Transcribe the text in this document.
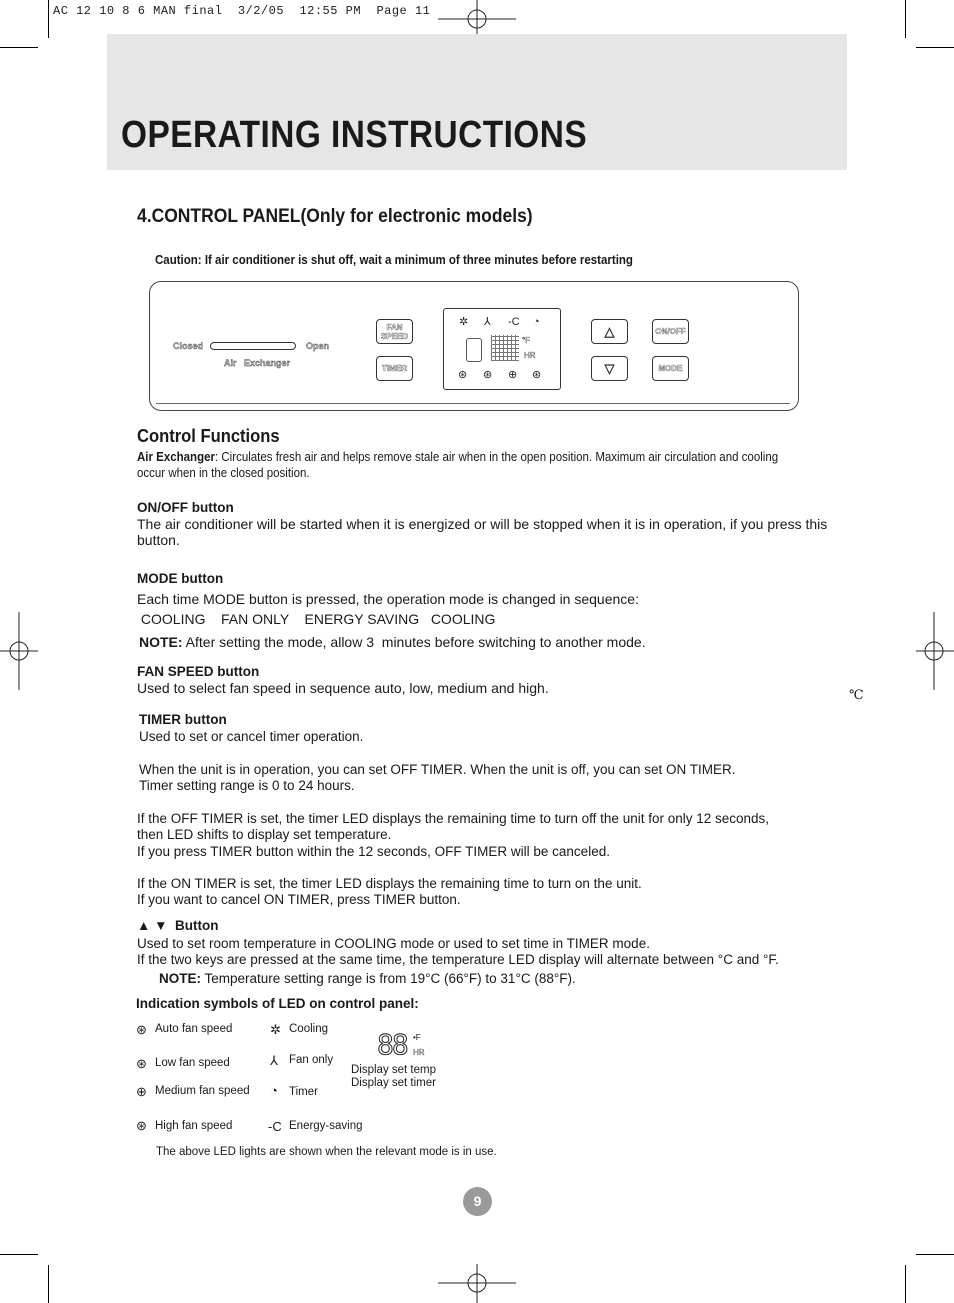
AC 12 10 8 6 MAN final  3/2/05  12:55 PM  Page 11
OPERATING INSTRUCTIONS
4.CONTROL PANEL(Only for electronic models)
Caution: If air conditioner is shut off, wait a minimum of three minutes before restarting
Closed	Open
Air   Exchanger
FAN
SPEED
TIMER
✲ ⅄ -C ◔
°F
HR
⊛ ⊛ ⊕ ⊛
△
▽
ON/OFF
MODE
Control Functions
Air Exchanger: Circulates fresh air and helps remove stale air when in the open position. Maximum air circulation and cooling occur when in the closed position.
ON/OFF button
The air conditioner will be started when it is energized or will be stopped when it is in operation, if you press this button.
MODE button
Each time MODE button is pressed, the operation mode is changed in sequence:
COOLING    FAN ONLY    ENERGY SAVING   COOLING
NOTE: After setting the mode, allow 3  minutes before switching to another mode.
FAN SPEED button
Used to select fan speed in sequence auto, low, medium and high.	℃
TIMER button
Used to set or cancel timer operation.
When the unit is in operation, you can set OFF TIMER. When the unit is off, you can set ON TIMER.
Timer setting range is 0 to 24 hours.
If the OFF TIMER is set, the timer LED displays the remaining time to turn off the unit for only 12 seconds,
then LED shifts to display set temperature.
If you press TIMER button within the 12 seconds, OFF TIMER will be canceled.
If the ON TIMER is set, the timer LED displays the remaining time to turn on the unit.
If you want to cancel ON TIMER, press TIMER button.
▲ ▼ Button
Used to set room temperature in COOLING mode or used to set time in TIMER mode.
If the two keys are pressed at the same time, the temperature LED display will alternate between °C and °F.
NOTE: Temperature setting range is from 19°C (66°F) to 31°C (88°F).
Indication symbols of LED on control panel:
⊛ Auto fan speed
⊛ Low fan speed
⊕ Medium fan speed
⊛ High fan speed
✲ Cooling
⅄ Fan only
◔ Timer
-C Energy-saving
88 •F
HR
Display set temp
Display set timer
The above LED lights are shown when the relevant mode is in use.
9
